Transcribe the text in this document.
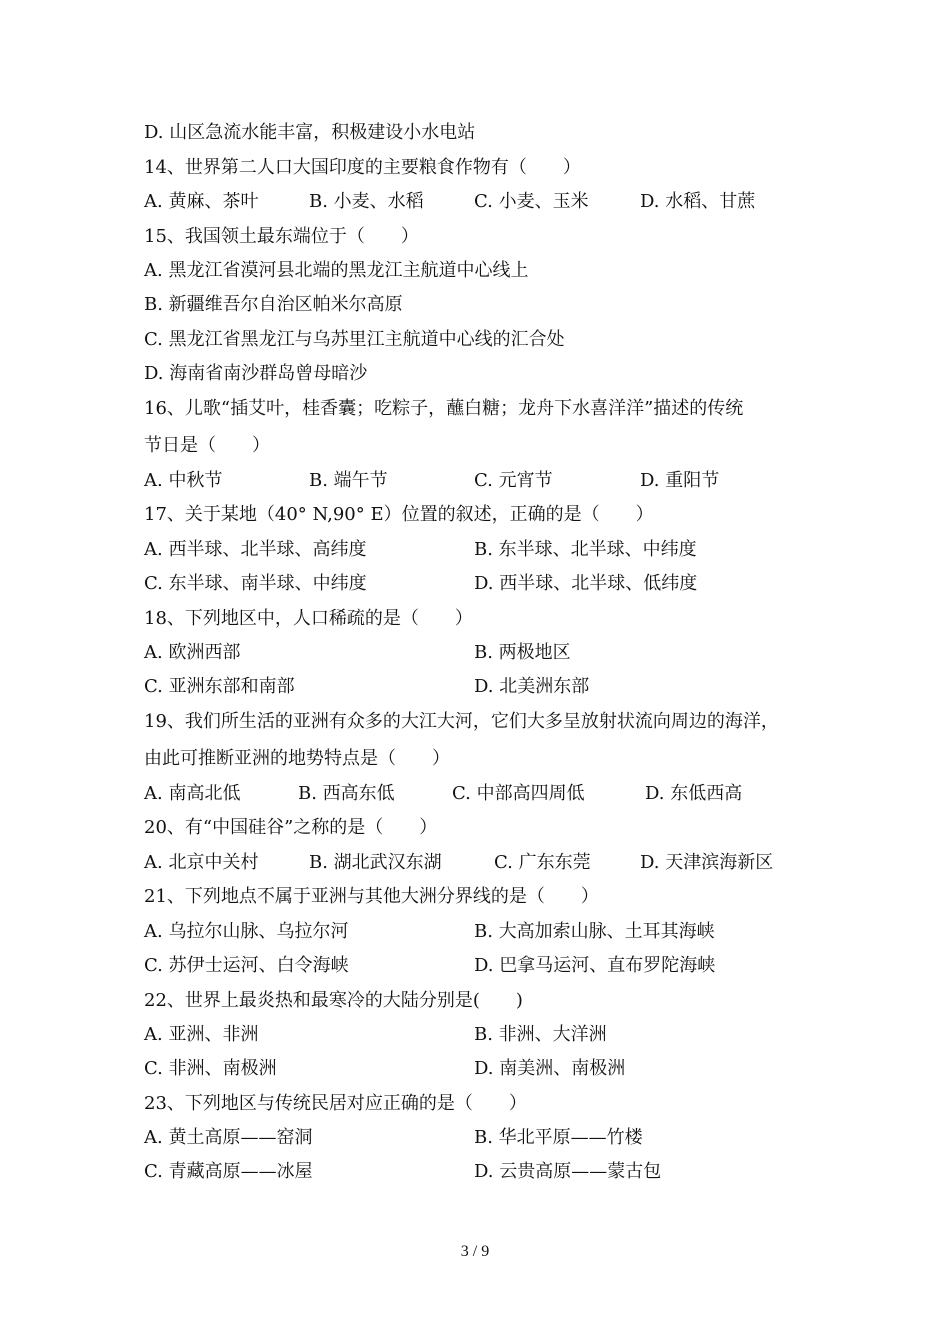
D. 山区急流水能丰富，积极建设小水电站
14、世界第二人口大国印度的主要粮食作物有（　　）

A. 黄麻、茶叶

	B. 小麦、水稻

	C. 小麦、玉米

	D. 水稻、甘蔗

15、我国领土最东端位于（　　）
A. 黑龙江省漠河县北端的黑龙江主航道中心线上
B. 新疆维吾尔自治区帕米尔高原
C. 黑龙江省黑龙江与乌苏里江主航道中心线的汇合处
D. 海南省南沙群岛曾母暗沙
16、儿歌“插艾叶，桂香囊；吃粽子，蘸白糖；龙舟下水喜洋洋”描述的传统
节日是（　　）

A. 中秋节

	B. 端午节

	C. 元宵节

	D. 重阳节

17、关于某地（40° N,90° E）位置的叙述，正确的是（　　）

A. 西半球、北半球、高纬度

	B. 东半球、北半球、中纬度

C. 东半球、南半球、中纬度

	D. 西半球、北半球、低纬度

18、下列地区中，人口稀疏的是（　　）

A. 欧洲西部

	B. 两极地区

C. 亚洲东部和南部

	D. 北美洲东部

19、我们所生活的亚洲有众多的大江大河，它们大多呈放射状流向周边的海洋，
由此可推断亚洲的地势特点是（　　）

A. 南高北低

	B. 西高东低

	C. 中部高四周低

	D. 东低西高

20、有“中国硅谷”之称的是（　　）

A. 北京中关村

	B. 湖北武汉东湖

	C. 广东东莞

	D. 天津滨海新区

21、下列地点不属于亚洲与其他大洲分界线的是（　　）

A. 乌拉尔山脉、乌拉尔河

	B. 大高加索山脉、土耳其海峡

C. 苏伊士运河、白令海峡

	D. 巴拿马运河、直布罗陀海峡

22、世界上最炎热和最寒冷的大陆分别是(　　)

A. 亚洲、非洲

	B. 非洲、大洋洲

C. 非洲、南极洲

	D. 南美洲、南极洲

23、下列地区与传统民居对应正确的是（　　）

A. 黄土高原——窑洞

	B. 华北平原——竹楼

C. 青藏高原——冰屋

	D. 云贵高原——蒙古包

3 / 9
